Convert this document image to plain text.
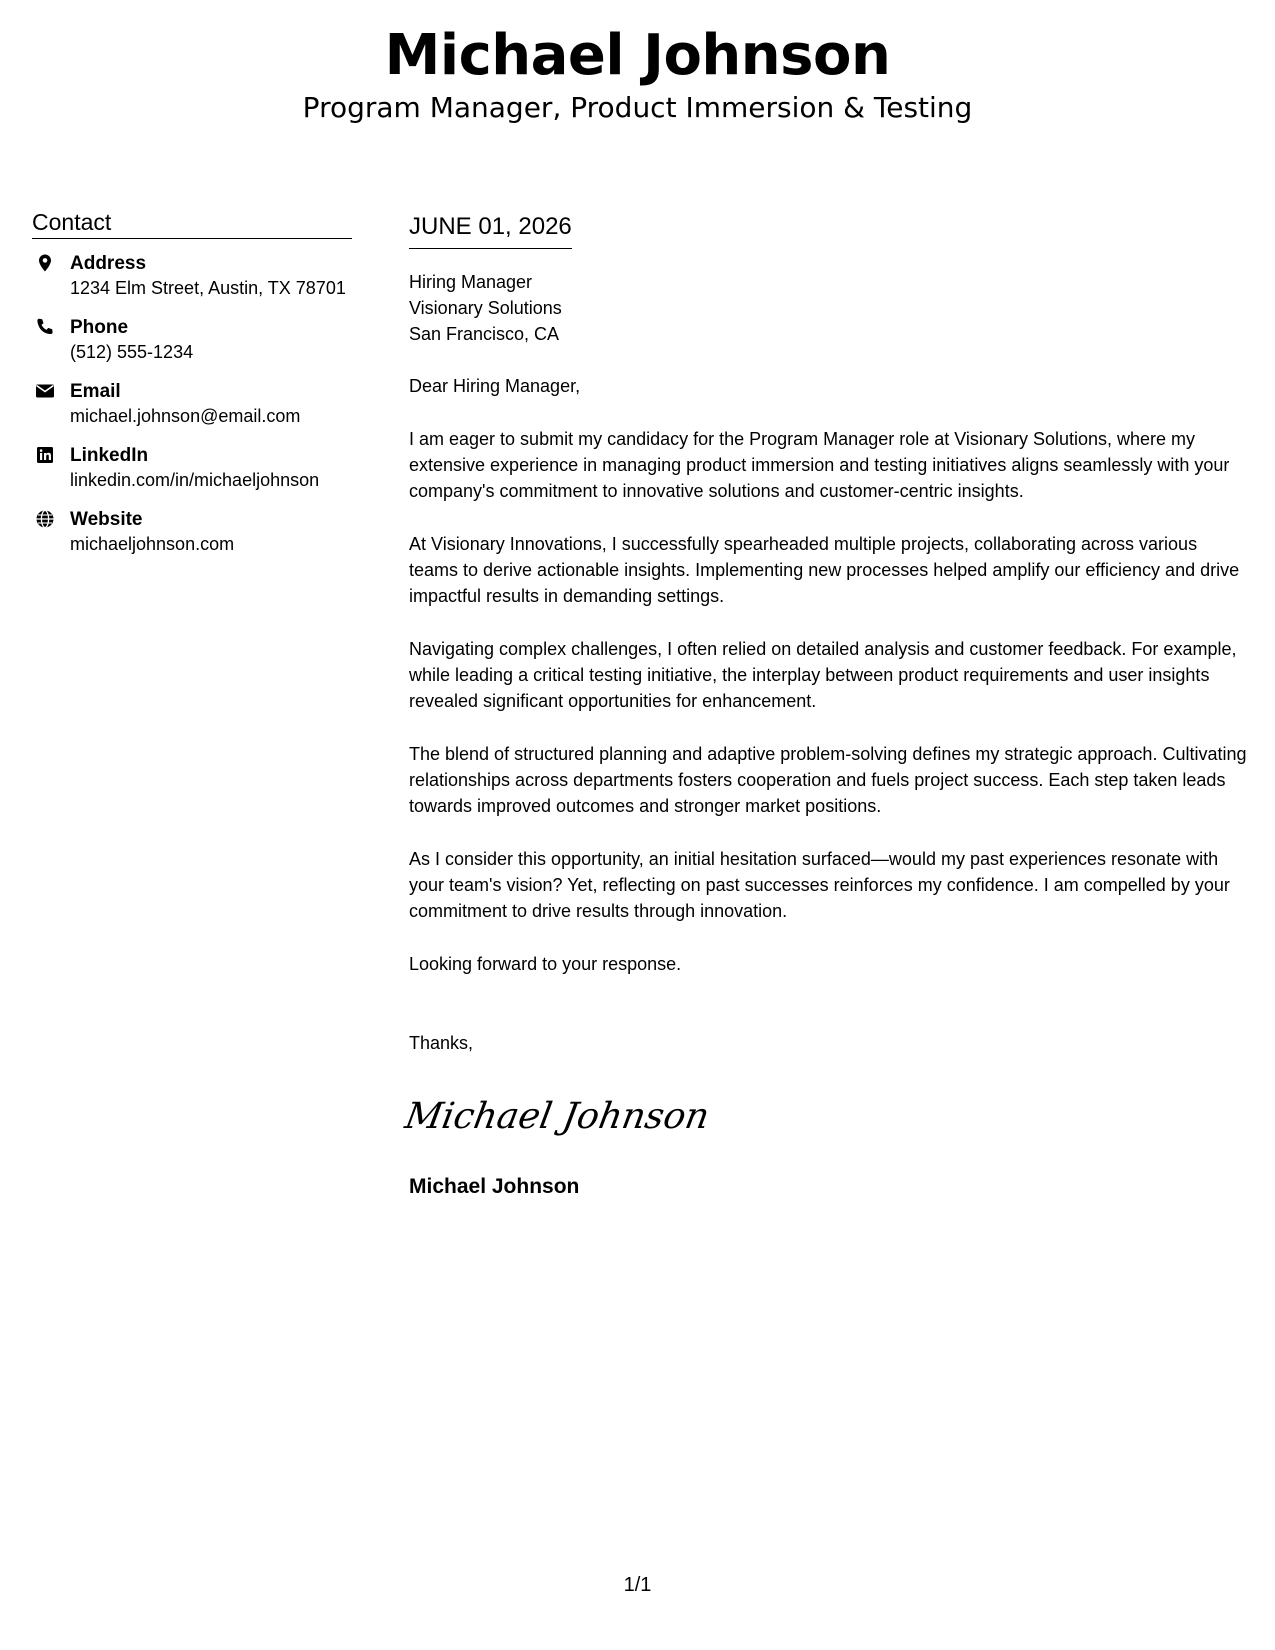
Michael Johnson
Program Manager, Product Immersion & Testing
Contact
Address
1234 Elm Street, Austin, TX 78701
Phone
(512) 555-1234
Email
michael.johnson@email.com
LinkedIn
linkedin.com/in/michaeljohnson
Website
michaeljohnson.com
JUNE 01, 2026
Hiring Manager
Visionary Solutions
San Francisco, CA
Dear Hiring Manager,

I am eager to submit my candidacy for the Program Manager role at Visionary Solutions, where my extensive experience in managing product immersion and testing initiatives aligns seamlessly with your company's commitment to innovative solutions and customer-centric insights.

At Visionary Innovations, I successfully spearheaded multiple projects, collaborating across various teams to derive actionable insights. Implementing new processes helped amplify our efficiency and drive impactful results in demanding settings.

Navigating complex challenges, I often relied on detailed analysis and customer feedback. For example, while leading a critical testing initiative, the interplay between product requirements and user insights revealed significant opportunities for enhancement.

The blend of structured planning and adaptive problem-solving defines my strategic approach. Cultivating relationships across departments fosters cooperation and fuels project success. Each step taken leads towards improved outcomes and stronger market positions.

As I consider this opportunity, an initial hesitation surfaced—would my past experiences resonate with your team's vision? Yet, reflecting on past successes reinforces my confidence. I am compelled by your commitment to drive results through innovation.

Looking forward to your response.

Thanks,
Michael Johnson
Michael Johnson
1/1
